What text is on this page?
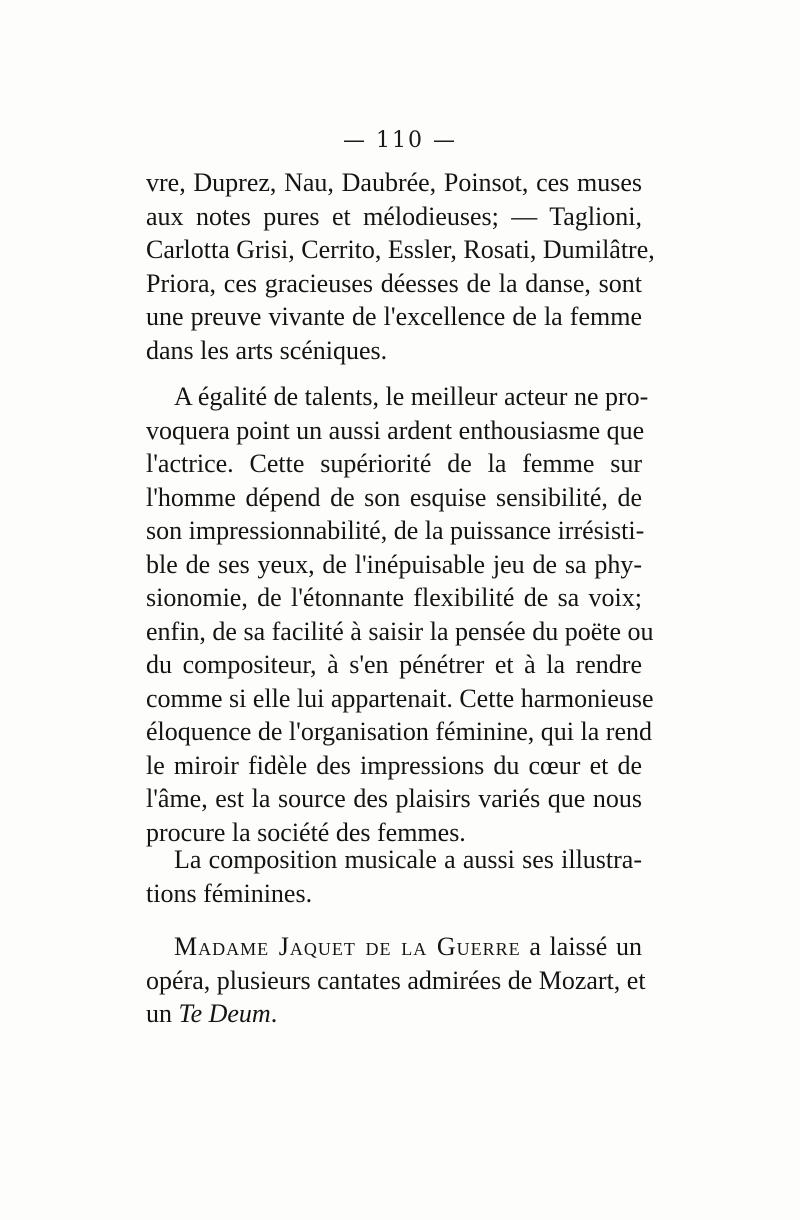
— 110 —
vre, Duprez, Nau, Daubrée, Poinsot, ces muses
aux notes pures et mélodieuses; — Taglioni,
Carlotta Grisi, Cerrito, Essler, Rosati, Dumilâtre,
Priora, ces gracieuses déesses de la danse, sont
une preuve vivante de l'excellence de la femme
dans les arts scéniques.
A égalité de talents, le meilleur acteur ne pro-
voquera point un aussi ardent enthousiasme que
l'actrice. Cette supériorité de la femme sur
l'homme dépend de son esquise sensibilité, de
son impressionnabilité, de la puissance irrésisti-
ble de ses yeux, de l'inépuisable jeu de sa phy-
sionomie, de l'étonnante flexibilité de sa voix;
enfin, de sa facilité à saisir la pensée du poëte ou
du compositeur, à s'en pénétrer et à la rendre
comme si elle lui appartenait. Cette harmonieuse
éloquence de l'organisation féminine, qui la rend
le miroir fidèle des impressions du cœur et de
l'âme, est la source des plaisirs variés que nous
procure la société des femmes.
La composition musicale a aussi ses illustra-
tions féminines.
Madame Jaquet de la Guerre a laissé un
opéra, plusieurs cantates admirées de Mozart, et
un Te Deum.
